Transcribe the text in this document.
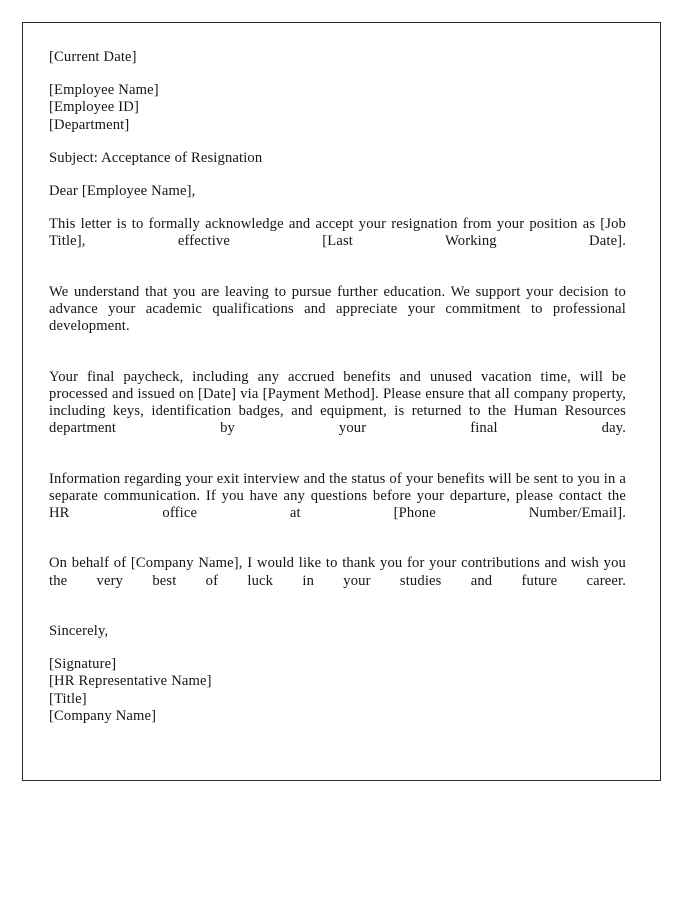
[Current Date]

[Employee Name]

[Employee ID]

[Department]

Subject: Acceptance of Resignation

Dear [Employee Name],

This letter is to formally acknowledge and accept your resignation from your position as [Job Title], effective [Last Working Date].

We understand that you are leaving to pursue further education. We support your decision to advance your academic qualifications and appreciate your commitment to professional development.

Your final paycheck, including any accrued benefits and unused vacation time, will be processed and issued on [Date] via [Payment Method]. Please ensure that all company property, including keys, identification badges, and equipment, is returned to the Human Resources department by your final day.

Information regarding your exit interview and the status of your benefits will be sent to you in a separate communication. If you have any questions before your departure, please contact the HR office at [Phone Number/Email].

On behalf of [Company Name], I would like to thank you for your contributions and wish you the very best of luck in your studies and future career.

Sincerely,

[Signature]

[HR Representative Name]

[Title]

[Company Name]
